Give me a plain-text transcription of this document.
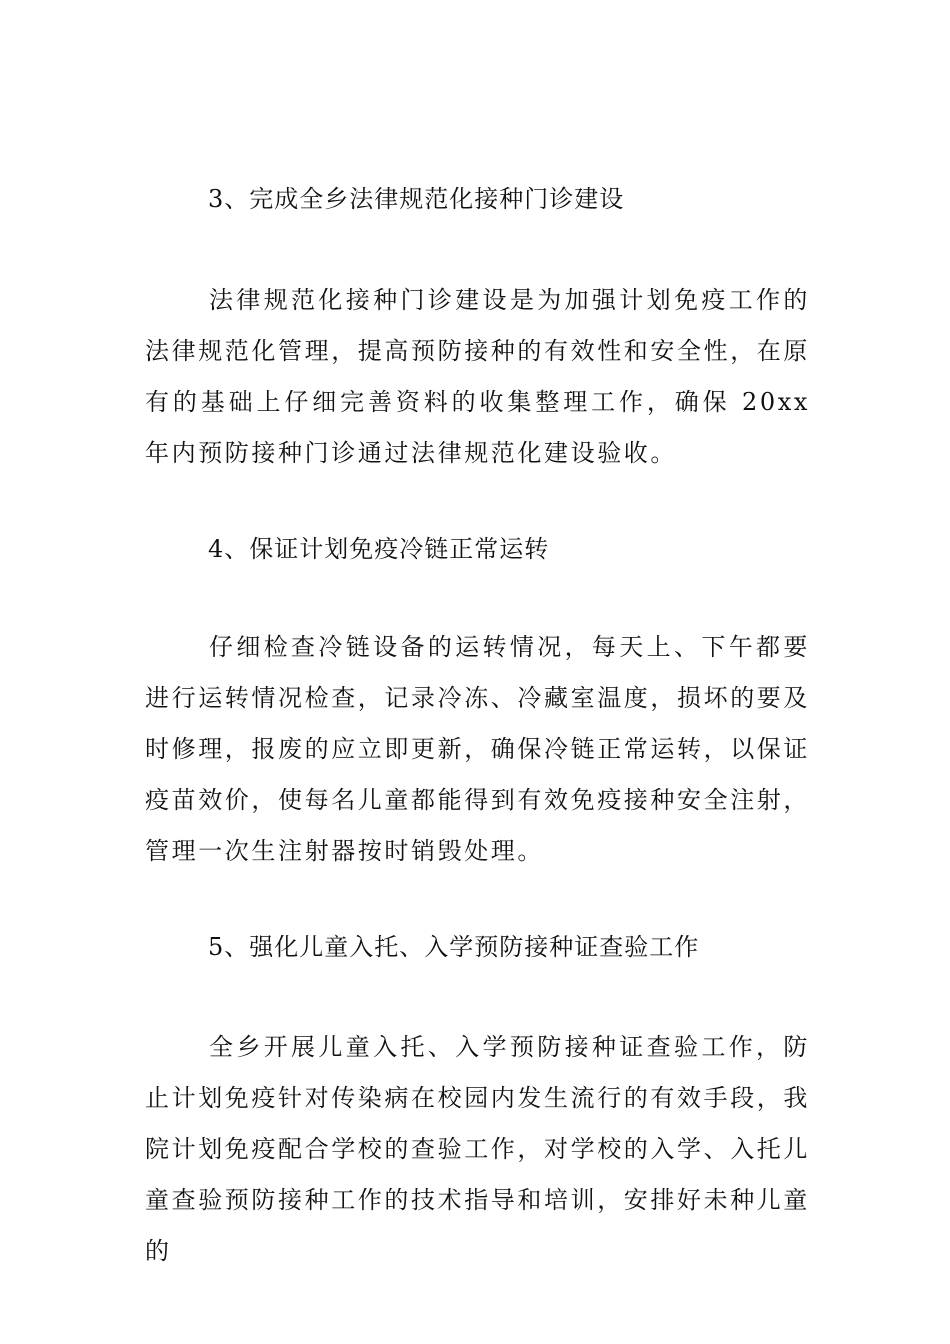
3、完成全乡法律规范化接种门诊建设
法律规范化接种门诊建设是为加强计划免疫工作的法律规范化管理，提高预防接种的有效性和安全性，在原有的基础上仔细完善资料的收集整理工作，确保 20xx 年内预防接种门诊通过法律规范化建设验收。
4、保证计划免疫冷链正常运转
仔细检查冷链设备的运转情况，每天上、下午都要进行运转情况检查，记录冷冻、冷藏室温度，损坏的要及时修理，报废的应立即更新，确保冷链正常运转，以保证疫苗效价，使每名儿童都能得到有效免疫接种安全注射，管理一次生注射器按时销毁处理。
5、强化儿童入托、入学预防接种证查验工作
全乡开展儿童入托、入学预防接种证查验工作，防止计划免疫针对传染病在校园内发生流行的有效手段，我院计划免疫配合学校的查验工作，对学校的入学、入托儿童查验预防接种工作的技术指导和培训，安排好未种儿童的
